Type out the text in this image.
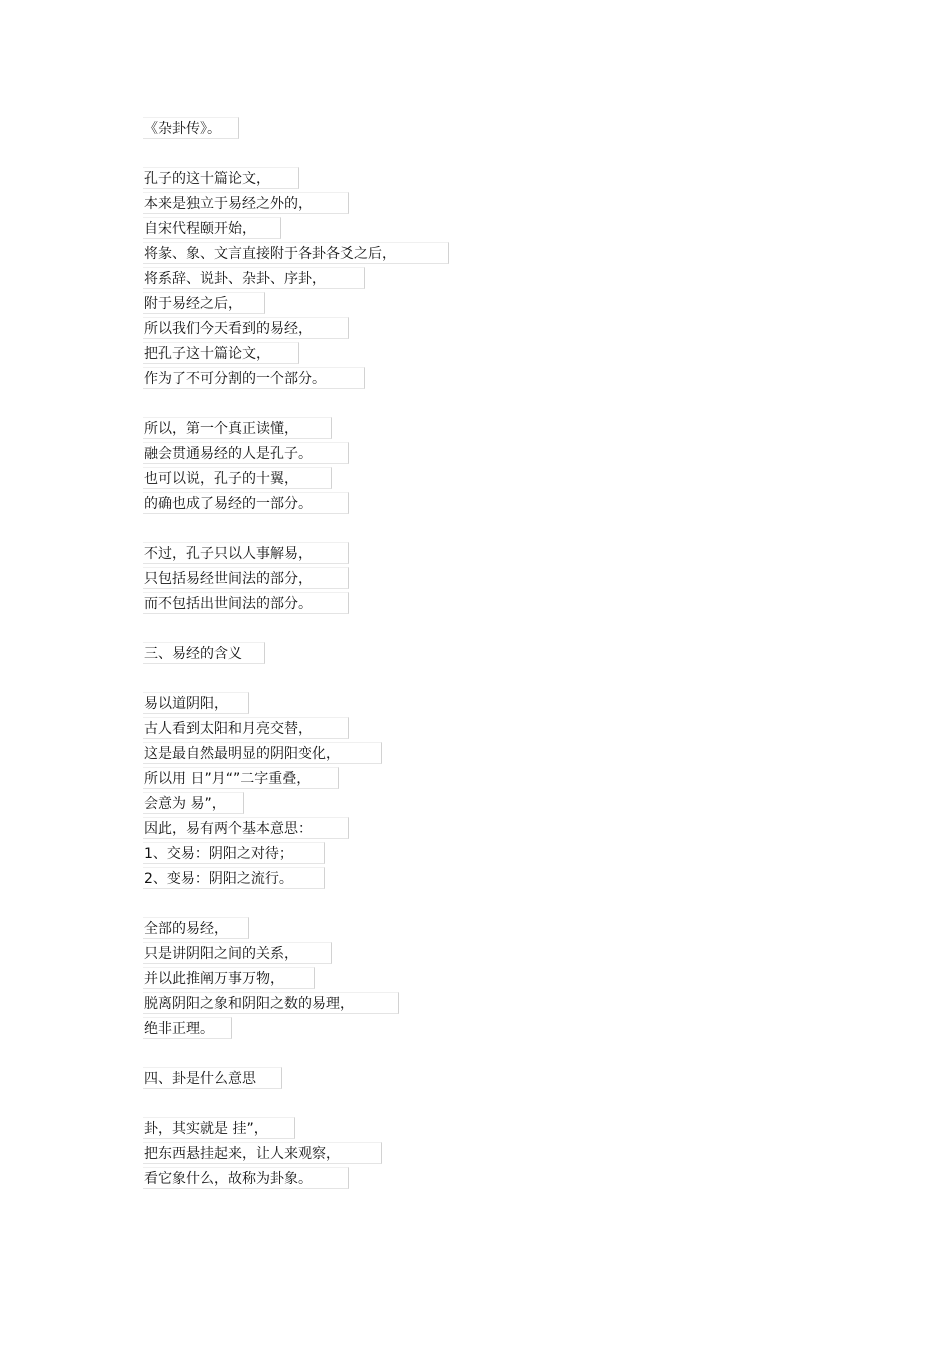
《杂卦传》。
孔子的这十篇论文，
本来是独立于易经之外的，
自宋代程颐开始，
将彖、象、文言直接附于各卦各爻之后，
将系辞、说卦、杂卦、序卦，
附于易经之后，
所以我们今天看到的易经，
把孔子这十篇论文，
作为了不可分割的一个部分。
所以，第一个真正读懂，
融会贯通易经的人是孔子。
也可以说，孔子的十翼，
的确也成了易经的一部分。
不过，孔子只以人事解易，
只包括易经世间法的部分，
而不包括出世间法的部分。
三、易经的含义
易以道阴阳，
古人看到太阳和月亮交替，
这是最自然最明显的阴阳变化，
所以用 日”月“”二字重叠，
会意为 易”，
因此，易有两个基本意思：
1、交易：阴阳之对待；
2、变易：阴阳之流行。
全部的易经，
只是讲阴阳之间的关系，
并以此推阐万事万物，
脱离阴阳之象和阴阳之数的易理，
绝非正理。
四、卦是什么意思
卦，其实就是 挂”，
把东西悬挂起来，让人来观察，
看它象什么，故称为卦象。
